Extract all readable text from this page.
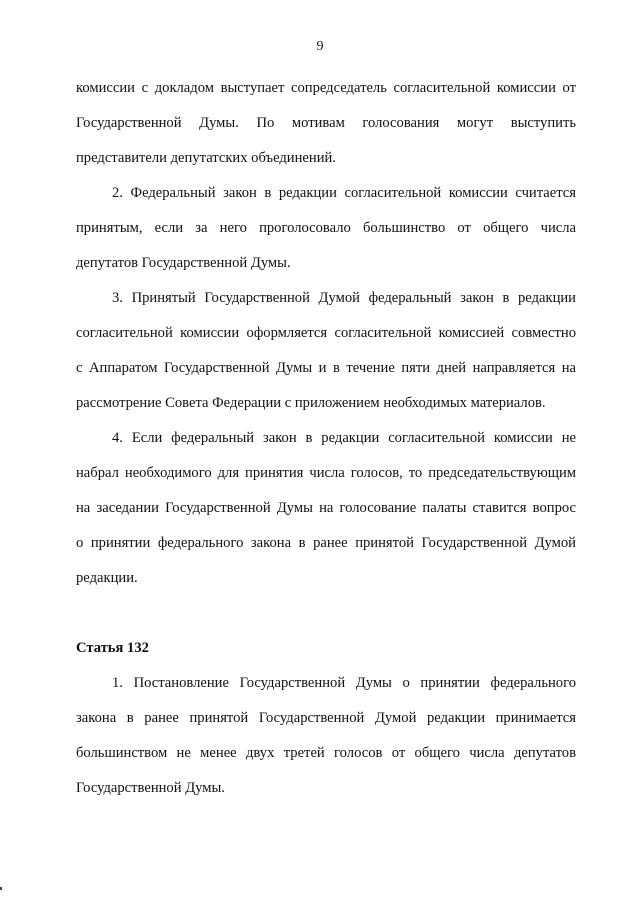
9

комиссии с докладом выступает сопредседатель согласительной комиссии от
Государственной Думы. По мотивам голосования могут выступить
представители депутатских объединений.

2. Федеральный закон в редакции согласительной комиссии считается
принятым, если за него проголосовало большинство от общего числа
депутатов Государственной Думы.

3. Принятый Государственной Думой федеральный закон в редакции
согласительной комиссии оформляется согласительной комиссией совместно
с Аппаратом Государственной Думы и в течение пяти дней направляется на
рассмотрение Совета Федерации с приложением необходимых материалов.

4. Если федеральный закон в редакции согласительной комиссии не
набрал необходимого для принятия числа голосов, то председательствующим
на заседании Государственной Думы на голосование палаты ставится вопрос
о принятии федерального закона в ранее принятой Государственной Думой
редакции.

Статья 132

1. Постановление Государственной Думы о принятии федерального
закона в ранее принятой Государственной Думой редакции принимается
большинством не менее двух третей голосов от общего числа депутатов
Государственной Думы.
